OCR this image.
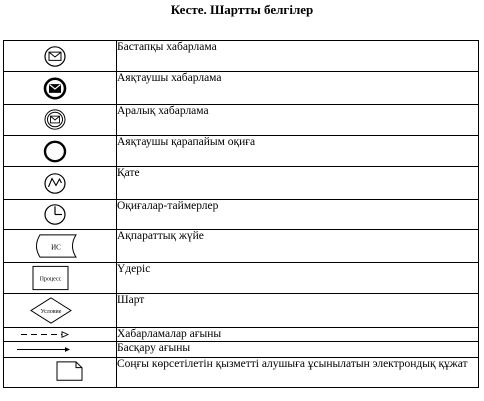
Кесте. Шартты белгілер
	Бастапқы хабарлама

	Аяқтаушы хабарлама

	Аралық хабарлама

	Аяқтаушы қарапайым оқиға

	Қате

	Оқиғалар-таймерлер

ИС	Ақпараттық жүйе

Процесс	Үдеріс

Условие	Шарт

	Хабарламалар ағыны

	Басқару ағыны

	Соңғы көрсетілетін қызметті алушыға ұсынылатын электрондық құжат
